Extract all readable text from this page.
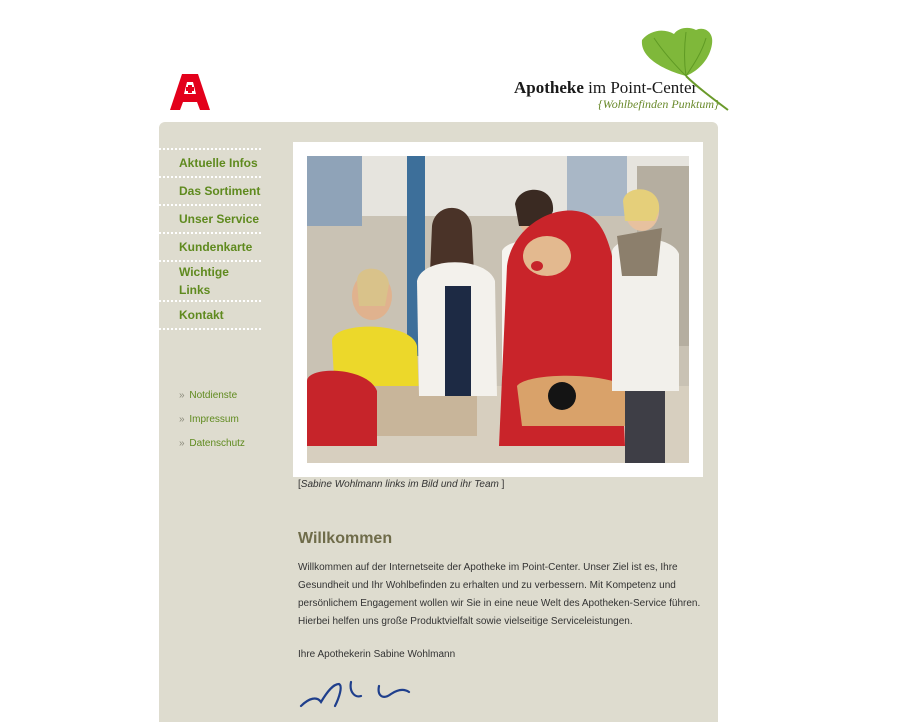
Apotheke im Point-Center
{Wohlbefinden Punktum}
Aktuelle Infos
Das Sortiment
Unser Service
Kundenkarte
Wichtige Links
Kontakt
» Notdienste
» Impressum
» Datenschutz
[Sabine Wohlmann links im Bild und ihr Team ]
Willkommen

Willkommen auf der Internetseite der Apotheke im Point-Center. Unser Ziel ist es, Ihre Gesundheit und Ihr Wohlbefinden zu erhalten und zu verbessern. Mit Kompetenz und persönlichem Engagement wollen wir Sie in eine neue Welt des Apotheken-Service führen. Hierbei helfen uns große Produktvielfalt sowie vielseitige Serviceleistungen.

Ihre Apothekerin Sabine Wohlmann
